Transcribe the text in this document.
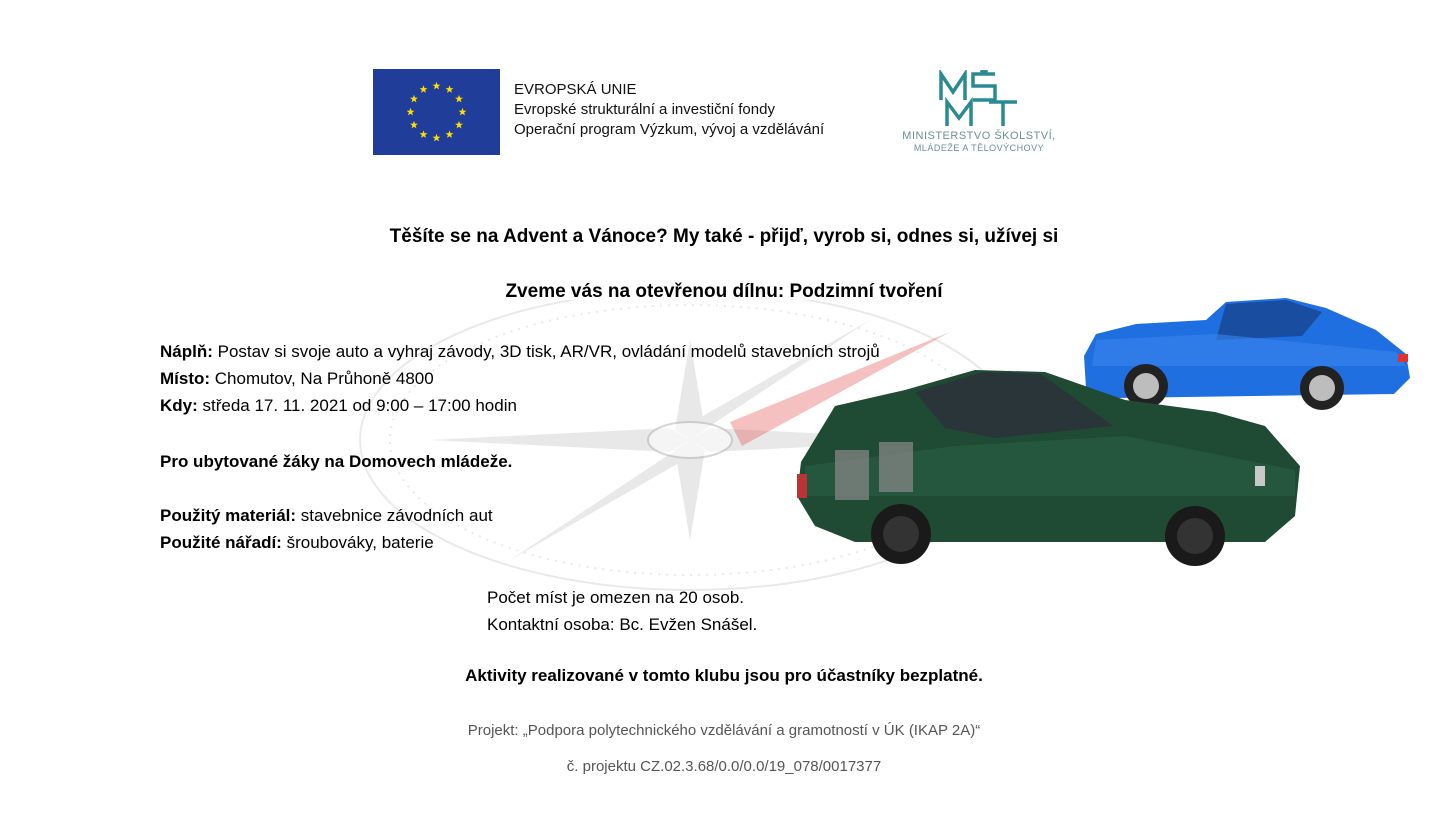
EVROPSKÁ UNIE
Evropské strukturální a investiční fondy
Operační program Výzkum, vývoj a vzdělávání	MINISTERSTVO ŠKOLSTVÍ,
MLÁDEŽE A TĚLOVÝCHOVY
Těšíte se na Advent a Vánoce? My také - přijď, vyrob si, odnes si, užívej si
Zveme vás na otevřenou dílnu: Podzimní tvoření
Náplň: Postav si svoje auto a vyhraj závody, 3D tisk, AR/VR, ovládání modelů stavebních strojů
Místo: Chomutov, Na Průhoně 4800
Kdy: středa 17. 11. 2021 od 9:00 – 17:00 hodin
Pro ubytované žáky na Domovech mládeže.
Použitý materiál: stavebnice závodních aut
Použité nářadí: šroubováky, baterie
Počet míst je omezen na 20 osob.
Kontaktní osoba: Bc. Evžen Snášel.
Aktivity realizované v tomto klubu jsou pro účastníky bezplatné.
Projekt: „Podpora polytechnického vzdělávání a gramotností v ÚK (IKAP 2A)“
č. projektu CZ.02.3.68/0.0/0.0/19_078/0017377
